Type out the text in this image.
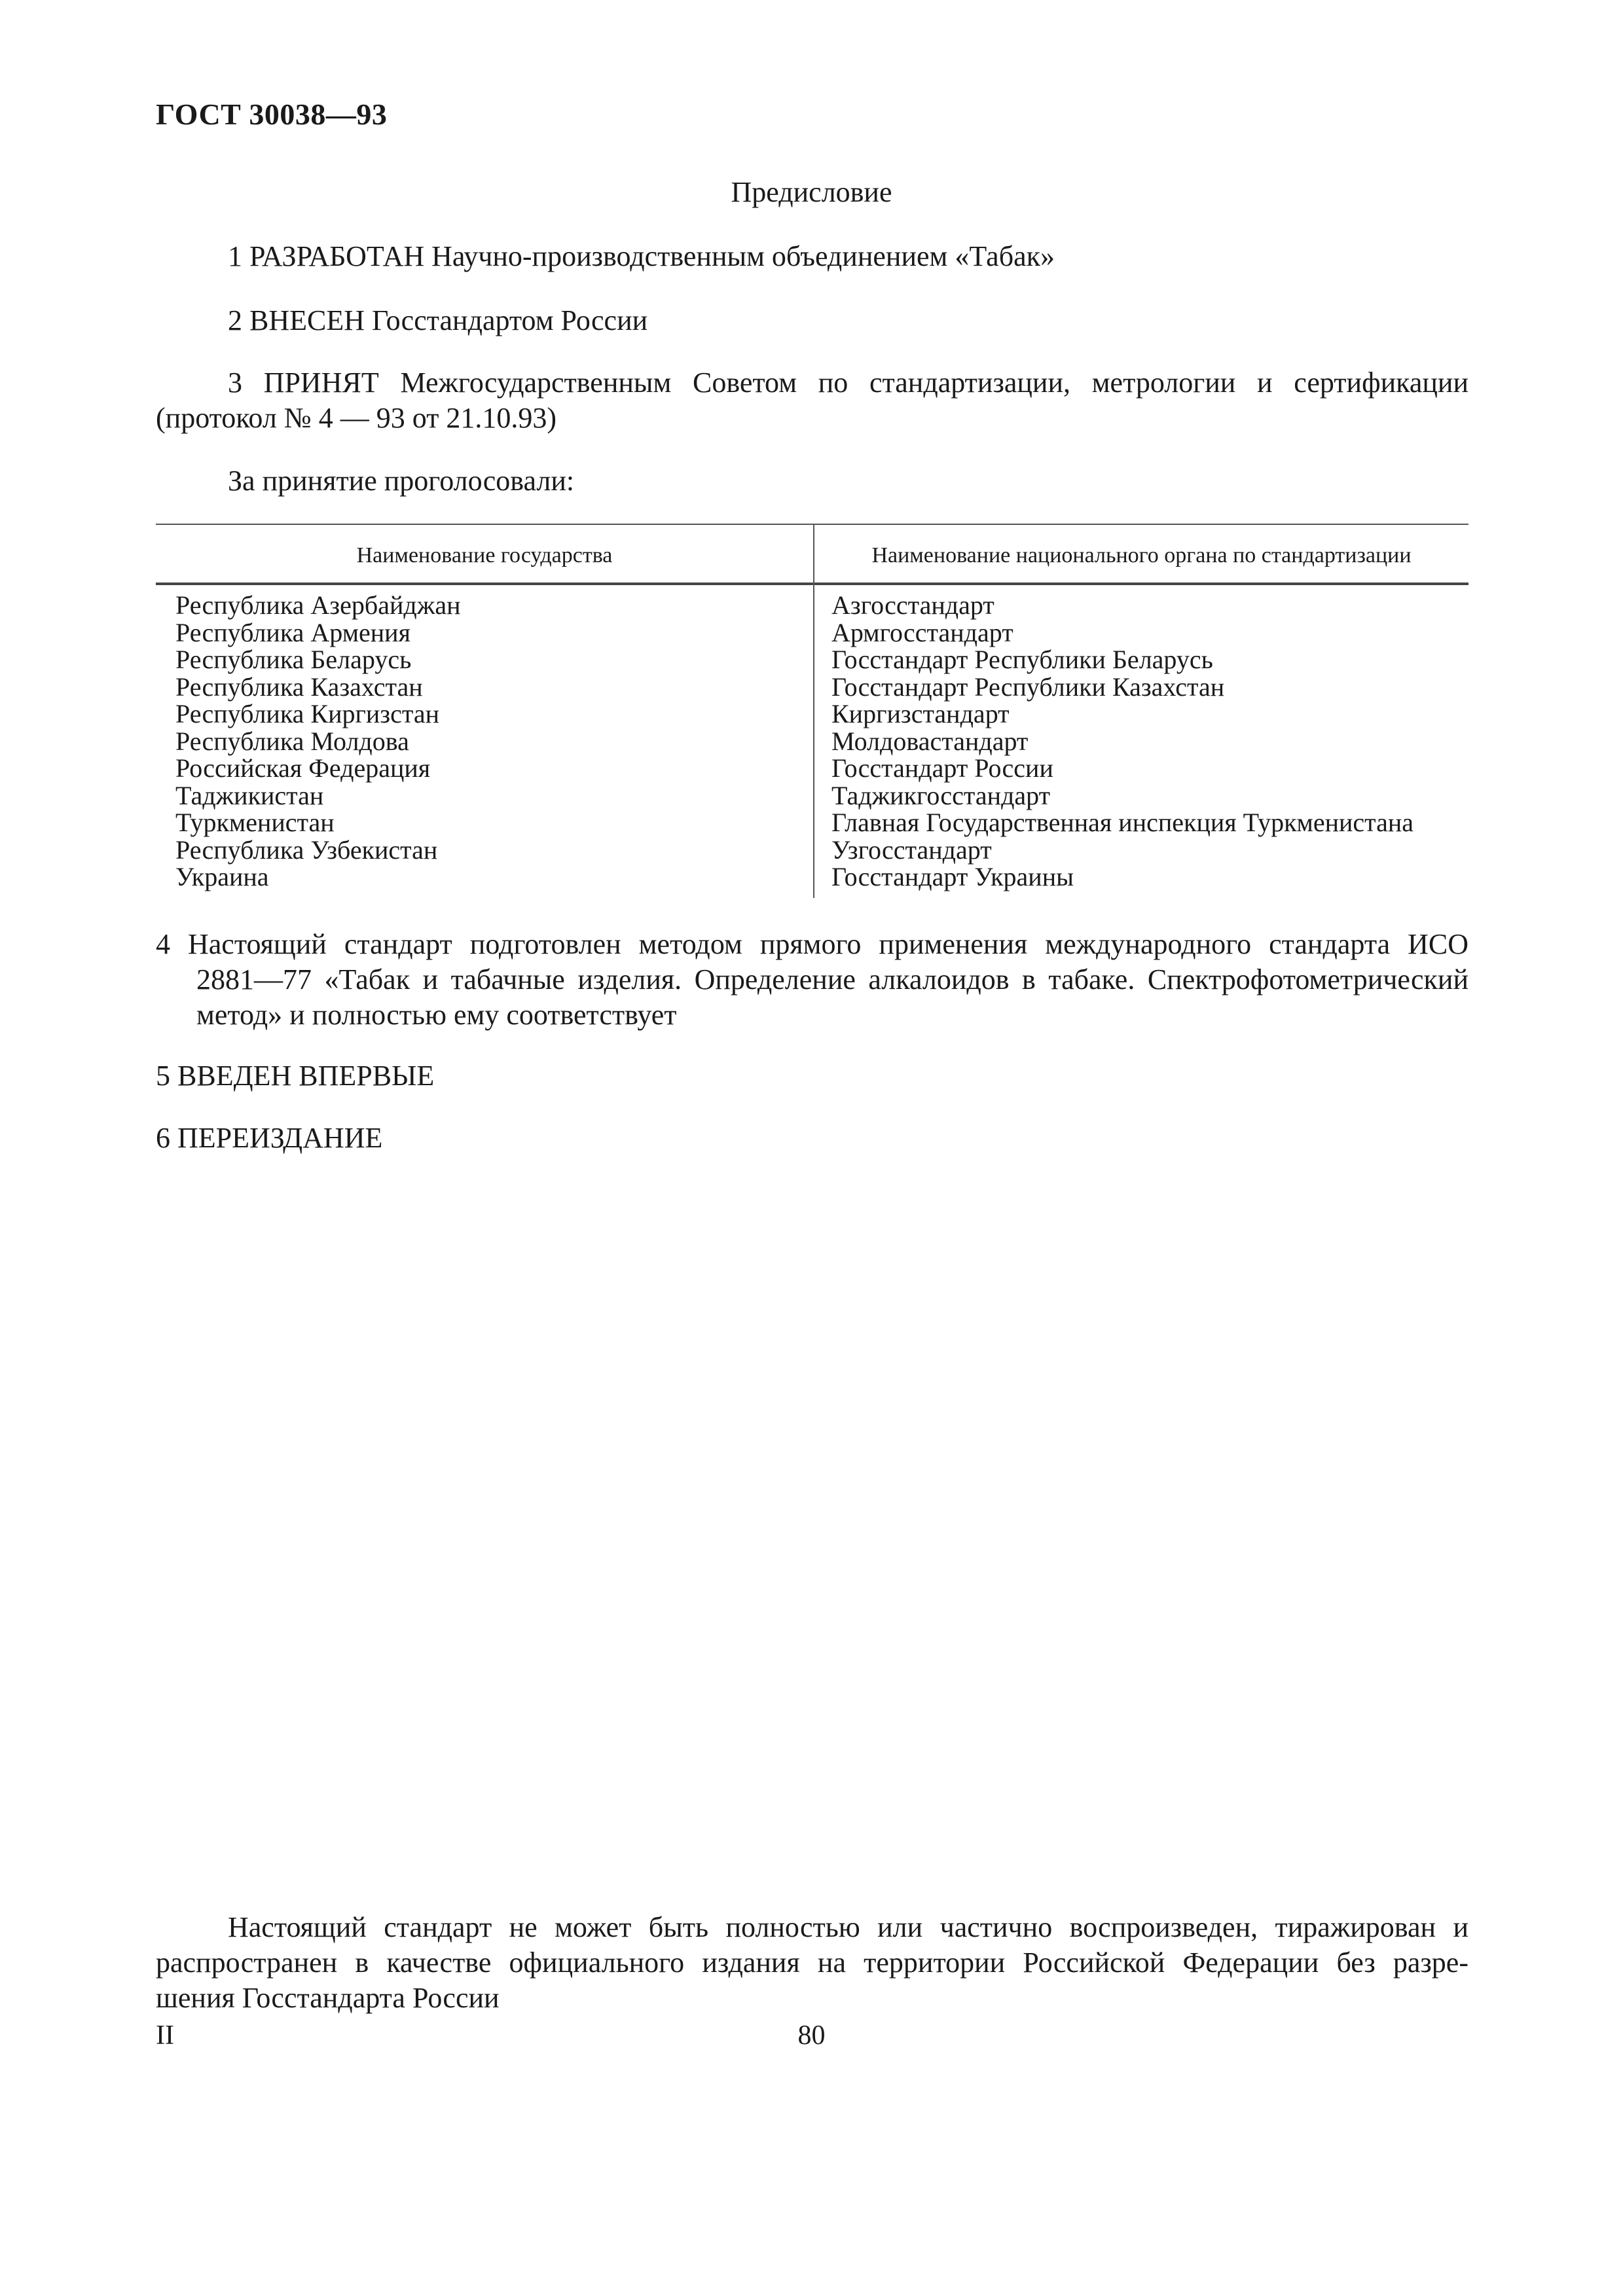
ГОСТ 30038—93
Предисловие
1 РАЗРАБОТАН Научно-производственным объединением «Табак»
2 ВНЕСЕН Госстандартом России
3 ПРИНЯТ Межгосударственным Советом по стандартизации, метрологии и сертификации
(протокол № 4 — 93 от 21.10.93)
За принятие проголосовали:
Наименование государства	Наименование национального органа по стандартизации
Республика Азербайджан
Республика Армения
Республика Беларусь
Республика Казахстан
Республика Киргизстан
Республика Молдова
Российская Федерация
Таджикистан
Туркменистан
Республика Узбекистан
Украина
Азгосстандарт
Армгосстандарт
Госстандарт Республики Беларусь
Госстандарт Республики Казахстан
Киргизстандарт
Молдовастандарт
Госстандарт России
Таджикгосстандарт
Главная Государственная инспекция Туркменистана
Узгосстандарт
Госстандарт Украины
4 Настоящий стандарт подготовлен методом прямого применения международного стандарта ИСО
2881—77 «Табак и табачные изделия. Определение алкалоидов в табаке. Спектрофотометрический
метод» и полностью ему соответствует
5 ВВЕДЕН ВПЕРВЫЕ
6 ПЕРЕИЗДАНИЕ
Настоящий стандарт не может быть полностью или частично воспроизведен, тиражирован и
распространен в качестве официального издания на территории Российской Федерации без разре-
шения Госстандарта России
II	80
